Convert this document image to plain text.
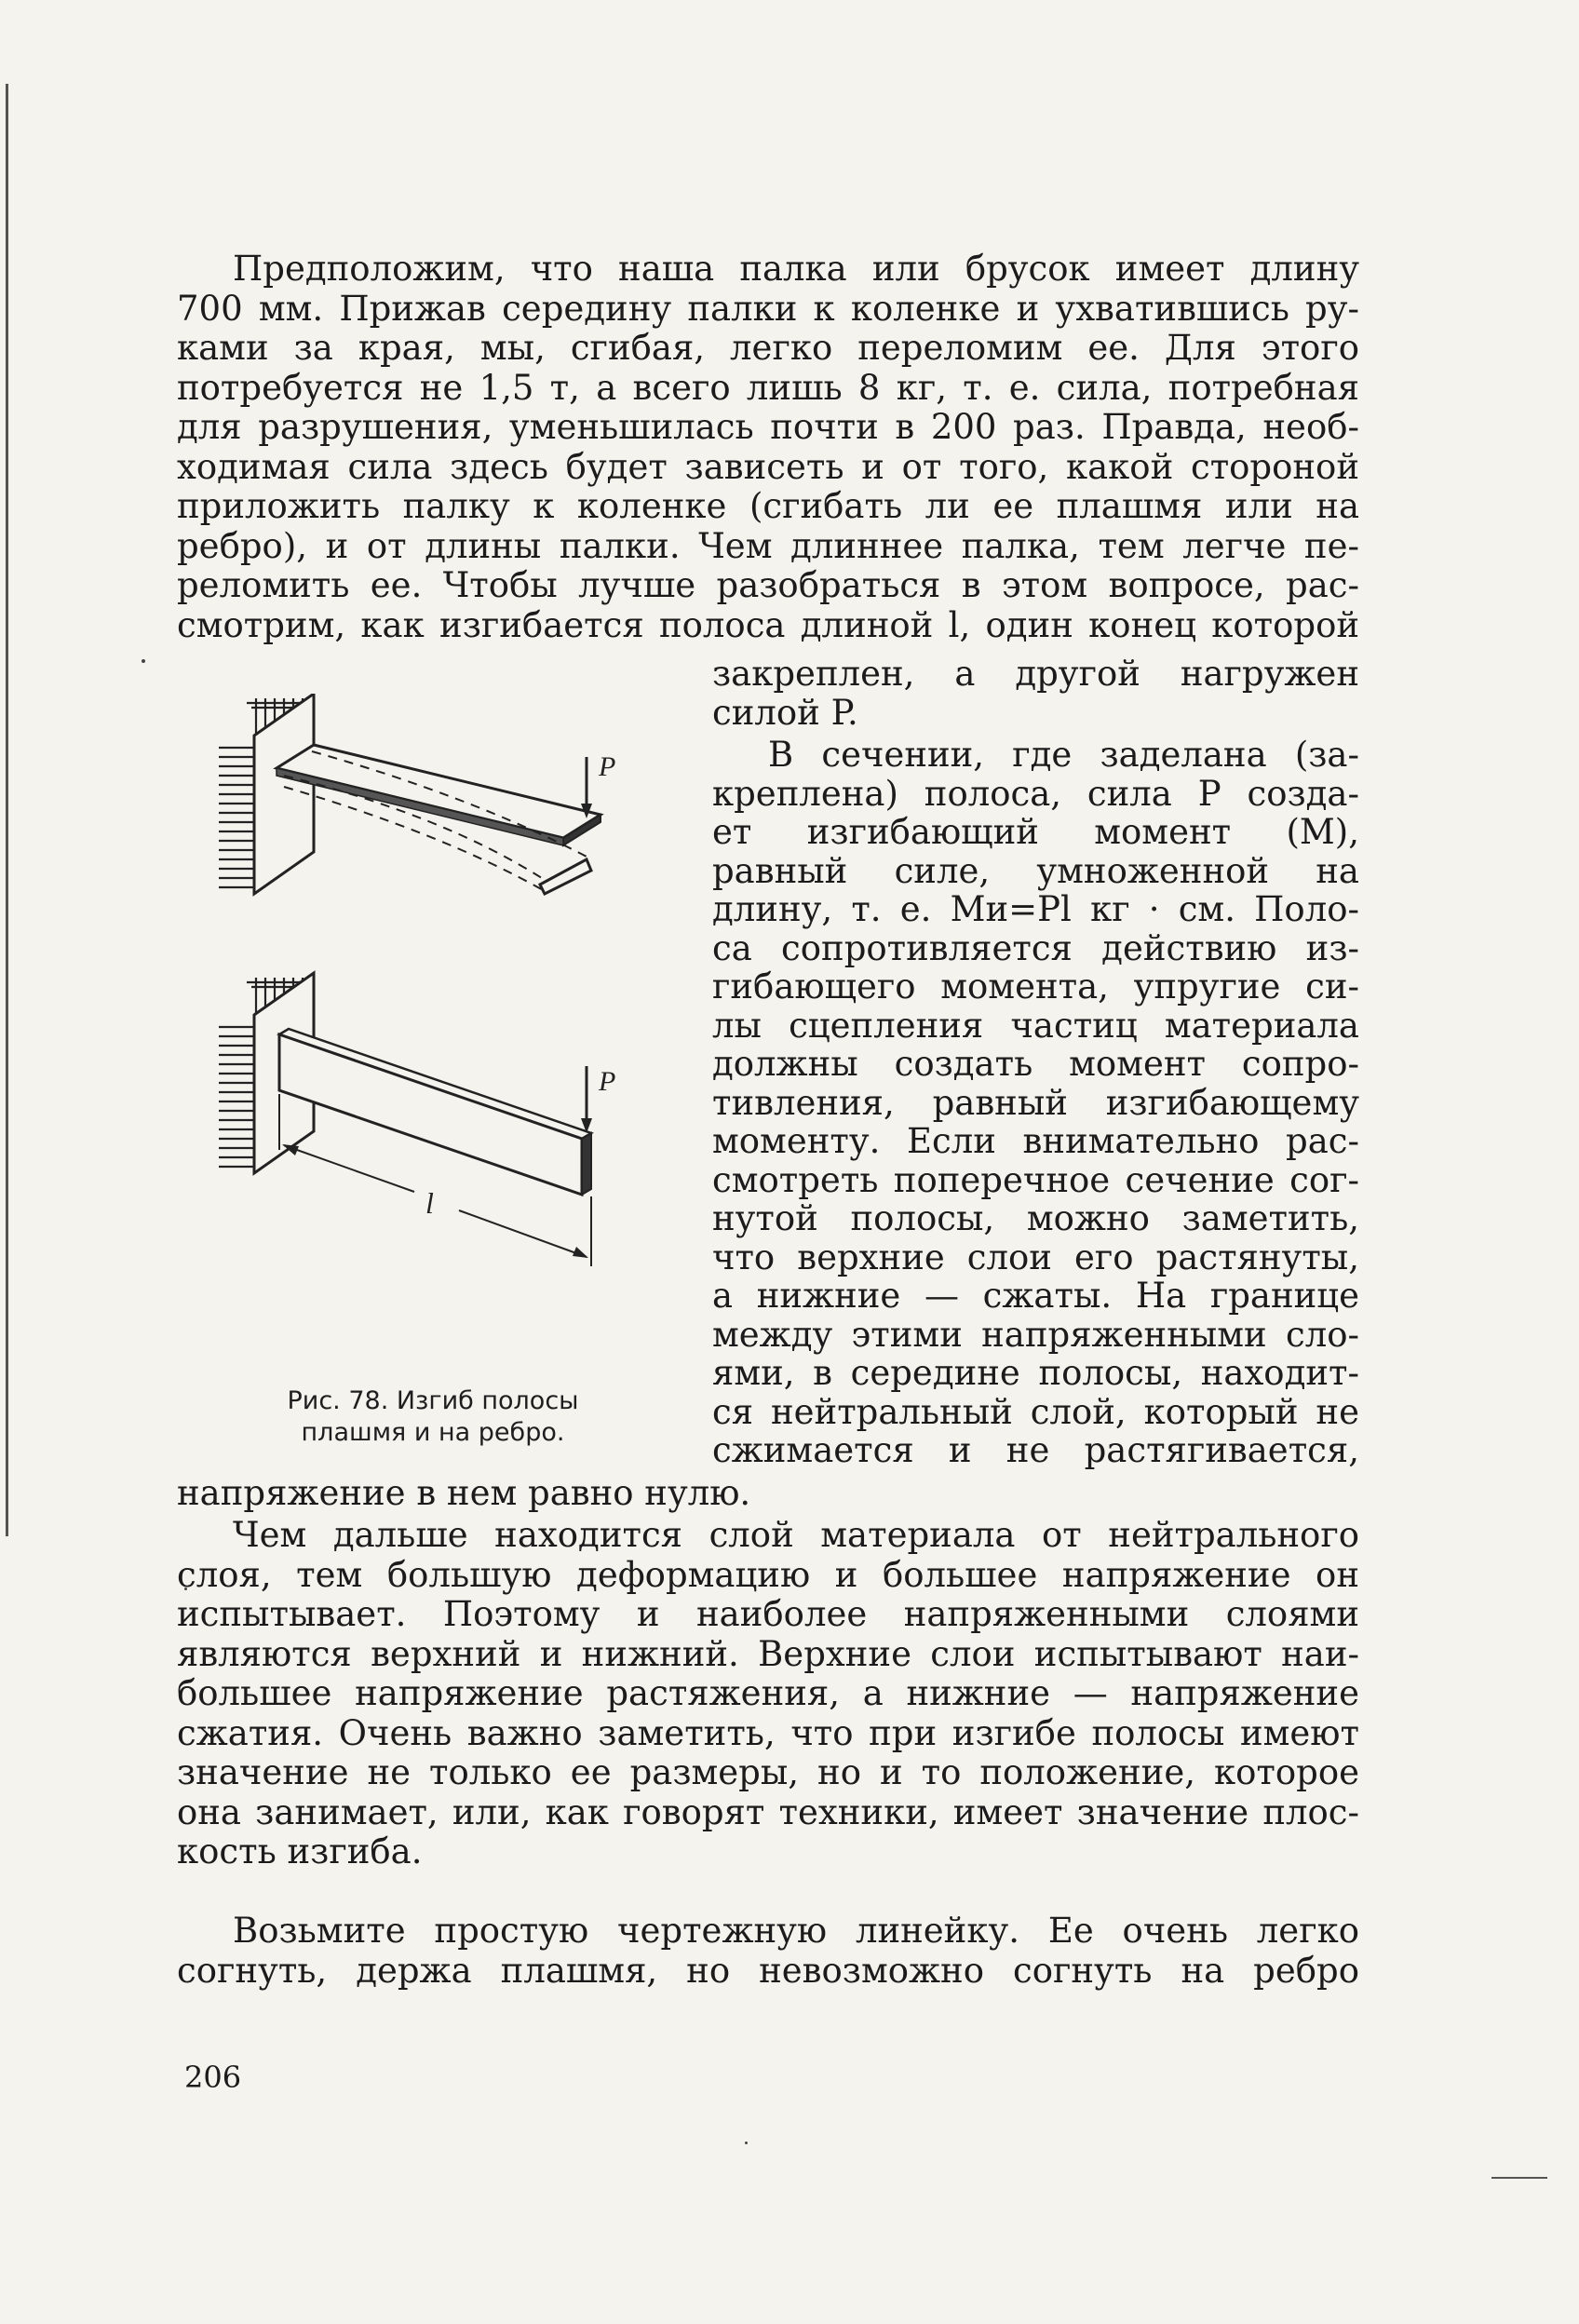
Предположим, что наша палка или брусок имеет длину
700 мм. Прижав середину палки к коленке и ухватившись ру-
ками за края, мы, сгибая, легко переломим ее. Для этого
потребуется не 1,5 т, а всего лишь 8 кг, т. е. сила, потребная
для разрушения, уменьшилась почти в 200 раз. Правда, необ-
ходимая сила здесь будет зависеть и от того, какой стороной
приложить палку к коленке (сгибать ли ее плашмя или на
ребро), и от длины палки. Чем длиннее палка, тем легче пе-
реломить ее. Чтобы лучше разобраться в этом вопросе, рас-
смотрим, как изгибается полоса длиной l, один конец которой
закреплен, а другой нагружен
силой P.
В сечении, где заделана (за-
креплена) полоса, сила P созда-
ет изгибающий момент (М),
равный силе, умноженной на
длину, т. е. Mи=Pl кг · см. Поло-
са сопротивляется действию из-
гибающего момента, упругие си-
лы сцепления частиц материала
должны создать момент сопро-
тивления, равный изгибающему
моменту. Если внимательно рас-
смотреть поперечное сечение сог-
нутой полосы, можно заметить,
что верхние слои его растянуты,
а нижние — сжаты. На границе
между этими напряженными сло-
ями, в середине полосы, находит-
ся нейтральный слой, который не
сжимается и не растягивается,
напряжение в нем равно нулю.
Чем дальше находится слой материала от нейтрального
слоя, тем большую деформацию и большее напряжение он
испытывает. Поэтому и наиболее напряженными слоями
являются верхний и нижний. Верхние слои испытывают наи-
большее напряжение растяжения, а нижние — напряжение
сжатия. Очень важно заметить, что при изгибе полосы имеют
значение не только ее размеры, но и то положение, которое
она занимает, или, как говорят техники, имеет значение плос-
кость изгиба.
Возьмите простую чертежную линейку. Ее очень легко
согнуть, держа плашмя, но невозможно согнуть на ребро
P
P
l
Рис. 78. Изгиб полосы
плашмя и на ребро.
206
